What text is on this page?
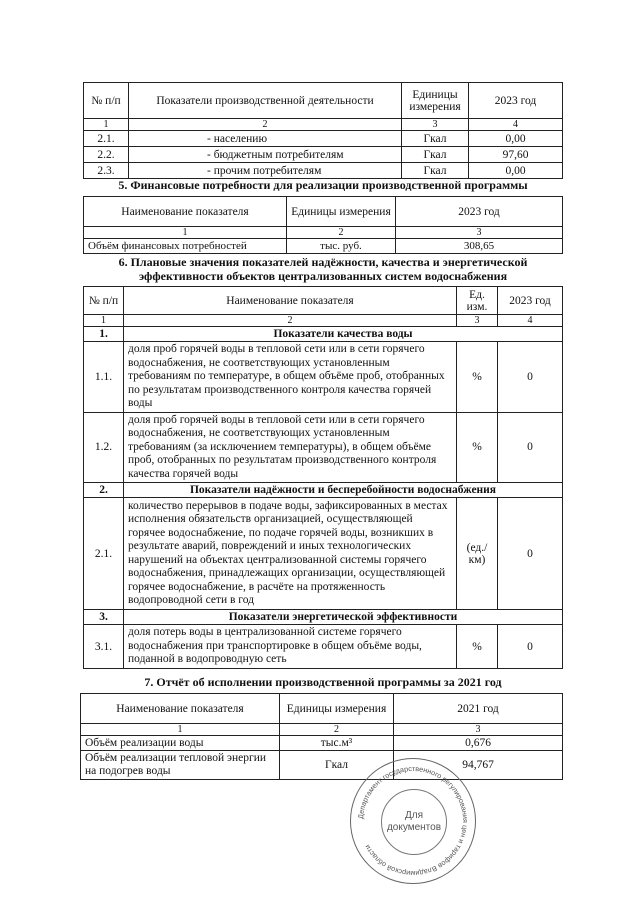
№ п/п	Показатели производственной деятельности	Единицы измерения	2023 год
1	2	3	4
2.1.	- населению	Гкал	0,00
2.2.	- бюджетным потребителям	Гкал	97,60
2.3.	- прочим потребителям	Гкал	0,00
5. Финансовые потребности для реализации производственной программы
Наименование показателя	Единицы измерения	2023 год
1	2	3
Объём финансовых потребностей	тыс. руб.	308,65
6. Плановые значения показателей надёжности, качества и энергетической
эффективности объектов централизованных систем водоснабжения
№ п/п	Наименование показателя	Ед. изм.	2023 год
1	2	3	4
1.	Показатели качества воды		
1.1.	доля проб горячей воды в тепловой сети или в сети горячего водоснабжения, не соответствующих установленным требованиям по температуре, в общем объёме проб, отобранных по результатам производственного контроля качества горячей воды	%	0
1.2.	доля проб горячей воды в тепловой сети или в сети горячего водоснабжения, не соответствующих установленным требованиям (за исключением температуры), в общем объёме проб, отобранных по результатам производственного контроля качества горячей воды	%	0
2.	Показатели надёжности и бесперебойности водоснабжения		
2.1.	количество перерывов в подаче воды, зафиксированных в местах исполнения обязательств организацией, осуществляющей горячее водоснабжение, по подаче горячей воды, возникших в результате аварий, повреждений и иных технологических нарушений на объектах централизованной системы горячего водоснабжения, принадлежащих организации, осуществляющей горячее водоснабжение, в расчёте на протяженность водопроводной сети в год	(ед./ км)	0
3.	Показатели энергетической эффективности		
3.1.	доля потерь воды в централизованной системе горячего водоснабжения при транспортировке в общем объёме воды, поданной в водопроводную сеть	%	0
7. Отчёт об исполнении производственной программы за 2021 год
Наименование показателя	Единицы измерения	2021 год
1	2	3
Объём реализации воды	тыс.м³	0,676
Объём реализации тепловой энергии на подогрев воды	Гкал	94,767
Департамент государственного регулирования цен и тарифов Владимирской области
Для
документов
